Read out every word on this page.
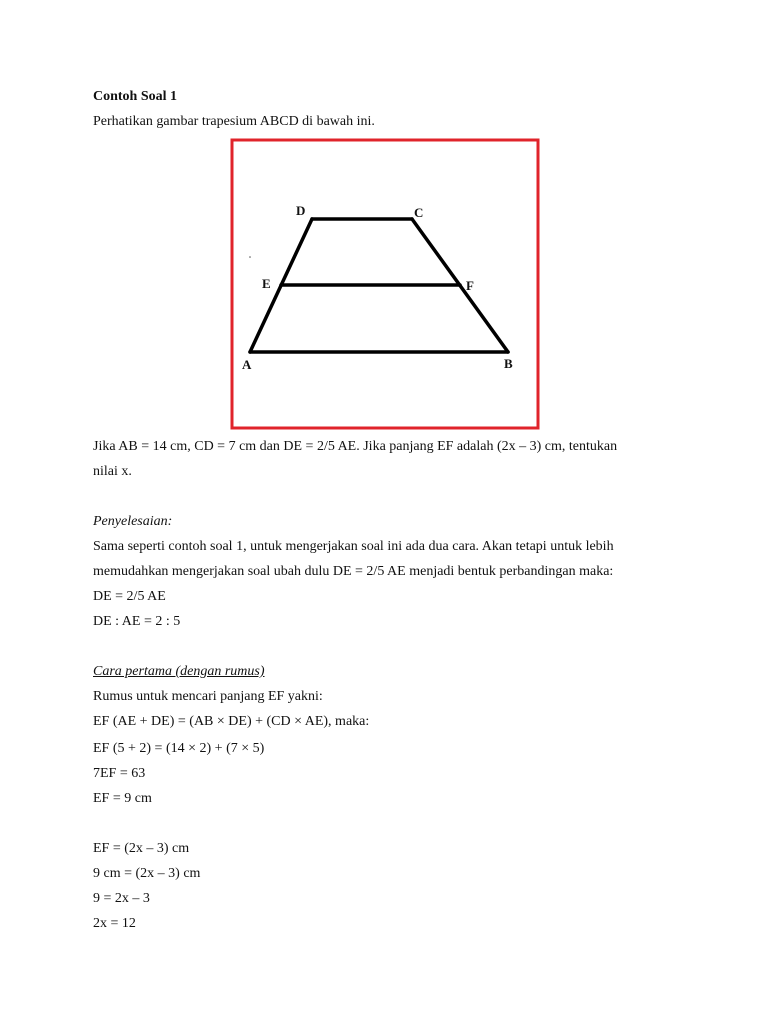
Contoh Soal 1
Perhatikan gambar trapesium ABCD di bawah ini.
D	C
E	F
A	B
Jika AB = 14 cm, CD = 7 cm dan DE = 2/5 AE. Jika panjang EF adalah (2x – 3) cm, tentukan
nilai x.
Penyelesaian:
Sama seperti contoh soal 1, untuk mengerjakan soal ini ada dua cara. Akan tetapi untuk lebih
memudahkan mengerjakan soal ubah dulu DE = 2/5 AE menjadi bentuk perbandingan maka:
DE = 2/5 AE
DE : AE = 2 : 5
Cara pertama (dengan rumus)
Rumus untuk mencari panjang EF yakni:
EF (AE + DE) = (AB × DE) + (CD × AE), maka:
EF (5 + 2) = (14 × 2) + (7 × 5)
7EF = 63
EF = 9 cm
EF = (2x – 3) cm
9 cm = (2x – 3) cm
9 = 2x – 3
2x = 12
